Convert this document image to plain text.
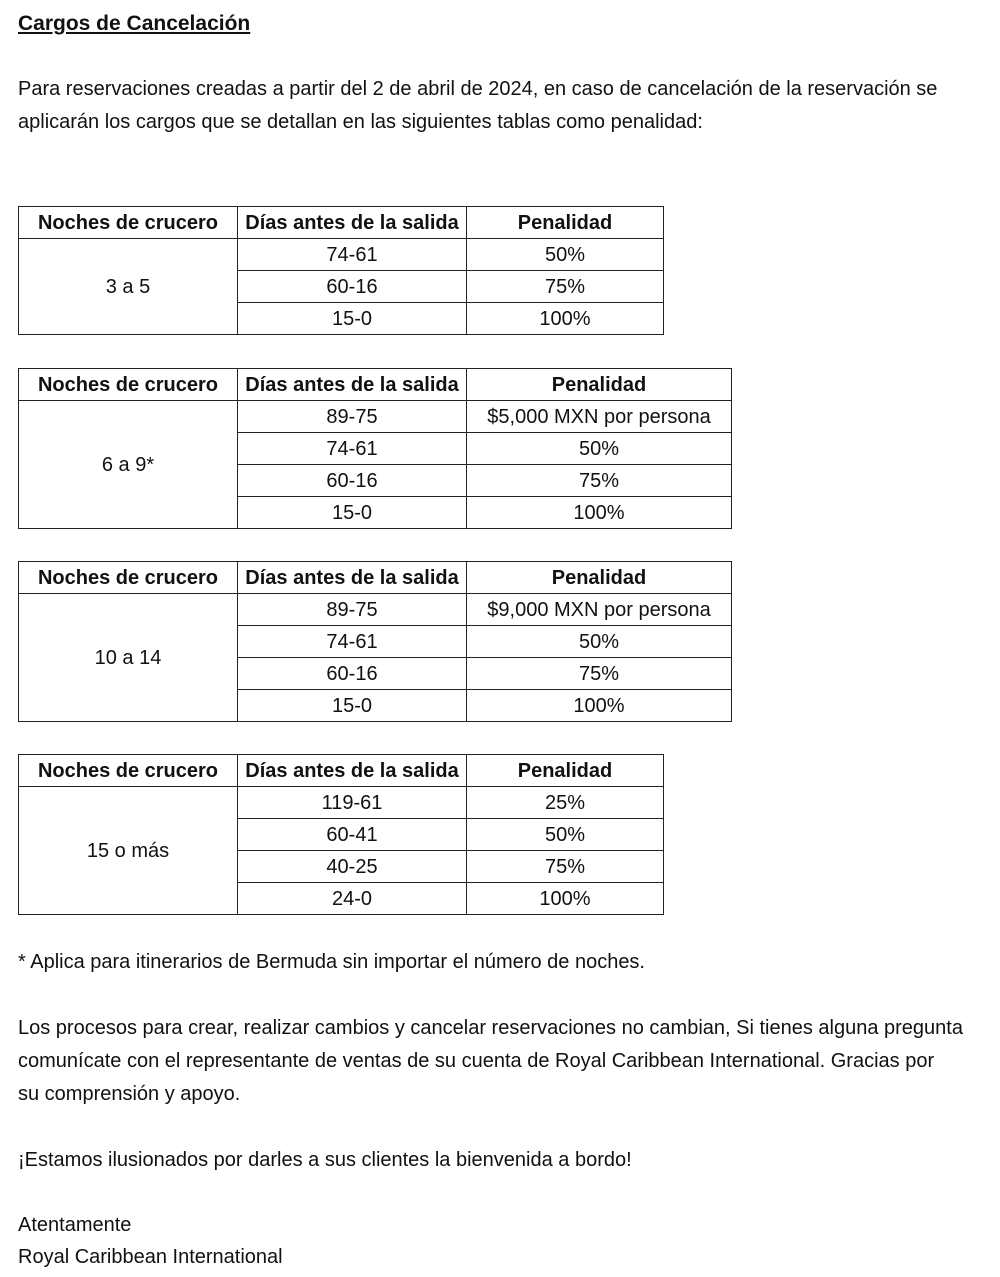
Cargos de Cancelación

Para reservaciones creadas a partir del 2 de abril de 2024, en caso de cancelación de la reservación se
aplicarán los cargos que se detallan en las siguientes tablas como penalidad:

Noches de crucero	Días antes de la salida	Penalidad
3 a 5	74-61	50%
	60-16	75%
	15-0	100%
Noches de crucero	Días antes de la salida	Penalidad
6 a 9*	89-75	$5,000 MXN por persona
	74-61	50%
	60-16	75%
	15-0	100%
Noches de crucero	Días antes de la salida	Penalidad
10 a 14	89-75	$9,000 MXN por persona
	74-61	50%
	60-16	75%
	15-0	100%
Noches de crucero	Días antes de la salida	Penalidad
15 o más	119-61	25%
	60-41	50%
	40-25	75%
	24-0	100%

* Aplica para itinerarios de Bermuda sin importar el número de noches.

Los procesos para crear, realizar cambios y cancelar reservaciones no cambian, Si tienes alguna pregunta
comunícate con el representante de ventas de su cuenta de Royal Caribbean International. Gracias por
su comprensión y apoyo.

¡Estamos ilusionados por darles a sus clientes la bienvenida a bordo!

Atentamente

Royal Caribbean International
